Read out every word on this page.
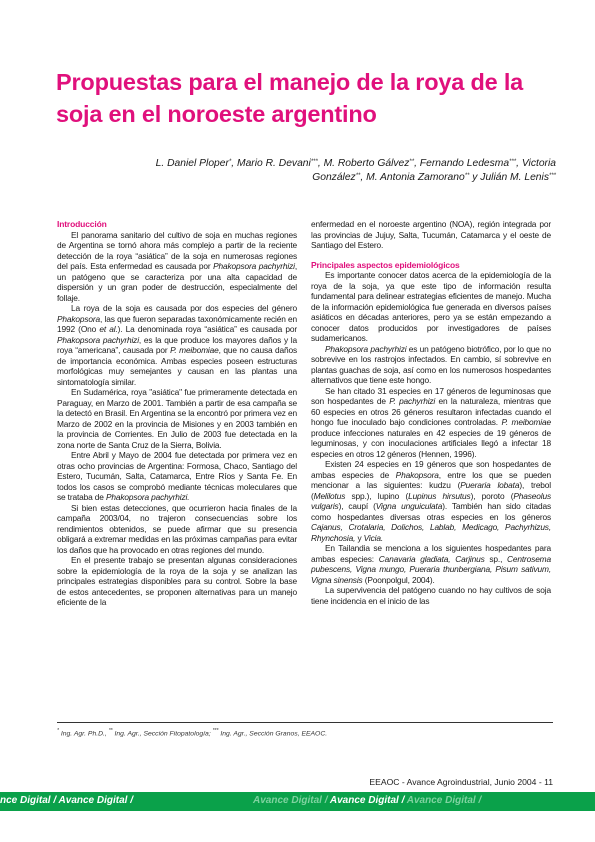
Propuestas para el manejo de la roya de la soja en el noroeste argentino
L. Daniel Ploper*, Mario R. Devani***, M. Roberto Gálvez**, Fernando Ledesma***, Victoria
González**, M. Antonia Zamorano** y Julián M. Lenis***
Introducción

El panorama sanitario del cultivo de soja en muchas regiones de Argentina se tornó ahora más complejo a partir de la reciente detección de la roya “asiática” de la soja en numerosas regiones del país. Esta enfermedad es causada por Phakopsora pachyrhizi, un patógeno que se caracteriza por una alta capacidad de dispersión y un gran poder de destrucción, especialmente del follaje.

La roya de la soja es causada por dos especies del género Phakopsora, las que fueron separadas taxonómicamente recién en 1992 (Ono et al.). La denominada roya “asiática” es causada por Phakopsora pachyrhizi, es la que produce los mayores daños y la roya “americana”, causada por P. meibomiae, que no causa daños de importancia económica. Ambas especies poseen estructuras morfológicas muy semejantes y causan en las plantas una sintomatología similar.

En Sudamérica, roya "asiática" fue primeramente detectada en Paraguay, en Marzo de 2001. También a partir de esa campaña se la detectó en Brasil. En Argentina se la encontró por primera vez en Marzo de 2002 en la provincia de Misiones y en 2003 también en la provincia de Corrientes. En Julio de 2003 fue detectada en la zona norte de Santa Cruz de la Sierra, Bolivia.

Entre Abril y Mayo de 2004 fue detectada por primera vez en otras ocho provincias de Argentina: Formosa, Chaco, Santiago del Estero, Tucumán, Salta, Catamarca, Entre Ríos y Santa Fe. En todos los casos se comprobó mediante técnicas moleculares que se trataba de Phakopsora pachyrhizi.

Si bien estas detecciones, que ocurrieron hacia finales de la campaña 2003/04, no trajeron consecuencias sobre los rendimientos obtenidos, se puede afirmar que su presencia obligará a extremar medidas en las próximas campañas para evitar los daños que ha provocado en otras regiones del mundo.

En el presente trabajo se presentan algunas consideraciones sobre la epidemiología de la roya de la soja y se analizan las principales estrategias disponibles para su control. Sobre la base de estos antecedentes, se proponen alternativas para un manejo eficiente de la

enfermedad en el noroeste argentino (NOA), región integrada por las provincias de Jujuy, Salta, Tucumán, Catamarca y el oeste de Santiago del Estero.

Principales aspectos epidemiológicos

Es importante conocer datos acerca de la epidemiología de la roya de la soja, ya que este tipo de información resulta fundamental para delinear estrategias eficientes de manejo. Mucha de la información epidemiológica fue generada en diversos países asiáticos en décadas anteriores, pero ya se están empezando a conocer datos producidos por investigadores de países sudamericanos.

Phakopsora pachyrhizi es un patógeno biotrófico, por lo que no sobrevive en los rastrojos infectados. En cambio, sí sobrevive en plantas guachas de soja, así como en los numerosos hospedantes alternativos que tiene este hongo.

Se han citado 31 especies en 17 géneros de leguminosas que son hospedantes de P. pachyrhizi en la naturaleza, mientras que 60 especies en otros 26 géneros resultaron infectadas cuando el hongo fue inoculado bajo condiciones controladas. P. meibomiae produce infecciones naturales en 42 especies de 19 géneros de leguminosas, y con inoculaciones artificiales llegó a infectar 18 especies en otros 12 géneros (Hennen, 1996).

Existen 24 especies en 19 géneros que son hospedantes de ambas especies de Phakopsora, entre los que se pueden mencionar a las siguientes: kudzu (Pueraria lobata), trebol (Melilotus spp.), lupino (Lupinus hirsutus), poroto (Phaseolus vulgaris), caupí (Vigna unguiculata). También han sido citadas como hospedantes diversas otras especies en los géneros Cajanus, Crotalaria, Dolichos, Lablab, Medicago, Pachyrhizus, Rhynchosia, y Vicia.

En Tailandia se menciona a los siguientes hospedantes para ambas especies: Canavaria gladiata, Carjinus sp., Centrosema pubescens, Vigna mungo, Pueraria thunbergiana, Pisum sativum, Vigna sinensis (Poonpolgul, 2004).

La supervivencia del patógeno cuando no hay cultivos de soja tiene incidencia en el inicio de las

* Ing. Agr. Ph.D., ** Ing. Agr., Sección Fitopatología; *** Ing. Agr., Sección Granos, EEAOC.
EEAOC - Avance Agroindustrial, Junio 2004 - 11
nce Digital / Avance Digital /	Avance Digital / Avance Digital / Avance Digital /
